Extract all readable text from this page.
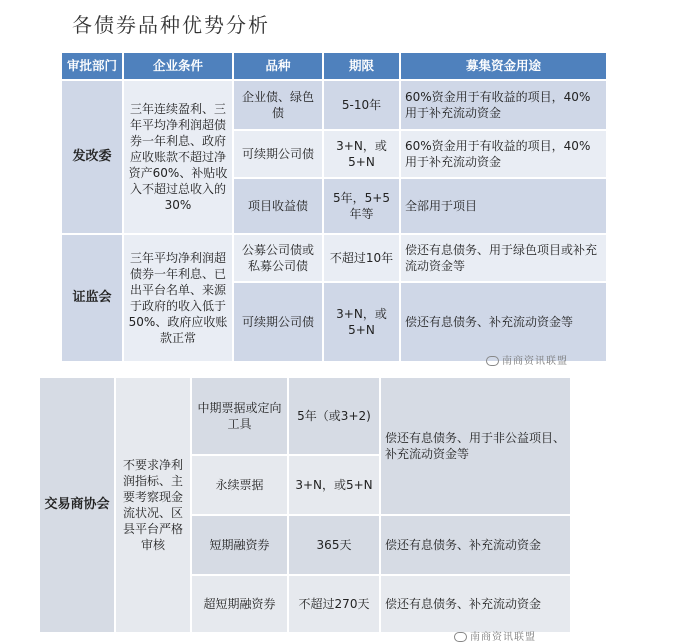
各债券品种优势分析
审批部门	企业条件	品种	期限	募集资金用途
发改委	三年连续盈利、三年平均净利润超债券一年利息、政府应收账款不超过净资产60%、补贴收入不超过总收入的30%	企业债、绿色债	5-10年	60%资金用于有收益的项目，40%用于补充流动资金
		可续期公司债	3+N，或5+N	60%资金用于有收益的项目，40%用于补充流动资金
		项目收益债	5年，5+5年等	全部用于项目
证监会	三年平均净利润超债券一年利息、已出平台名单、来源于政府的收入低于50%、政府应收账款正常	公募公司债或私募公司债	不超过10年	偿还有息债务、用于绿色项目或补充流动资金等
		可续期公司债	3+N，或5+N	偿还有息债务、补充流动资金等
南商资讯联盟
交易商协会	不要求净利润指标、主要考察现金流状况、区县平台严格审核	中期票据或定向工具	5年（或3+2)	偿还有息债务、用于非公益项目、补充流动资金等
		永续票据	3+N，或5+N	
		短期融资券	365天	偿还有息债务、补充流动资金
		超短期融资券	不超过270天	偿还有息债务、补充流动资金
南商资讯联盟
